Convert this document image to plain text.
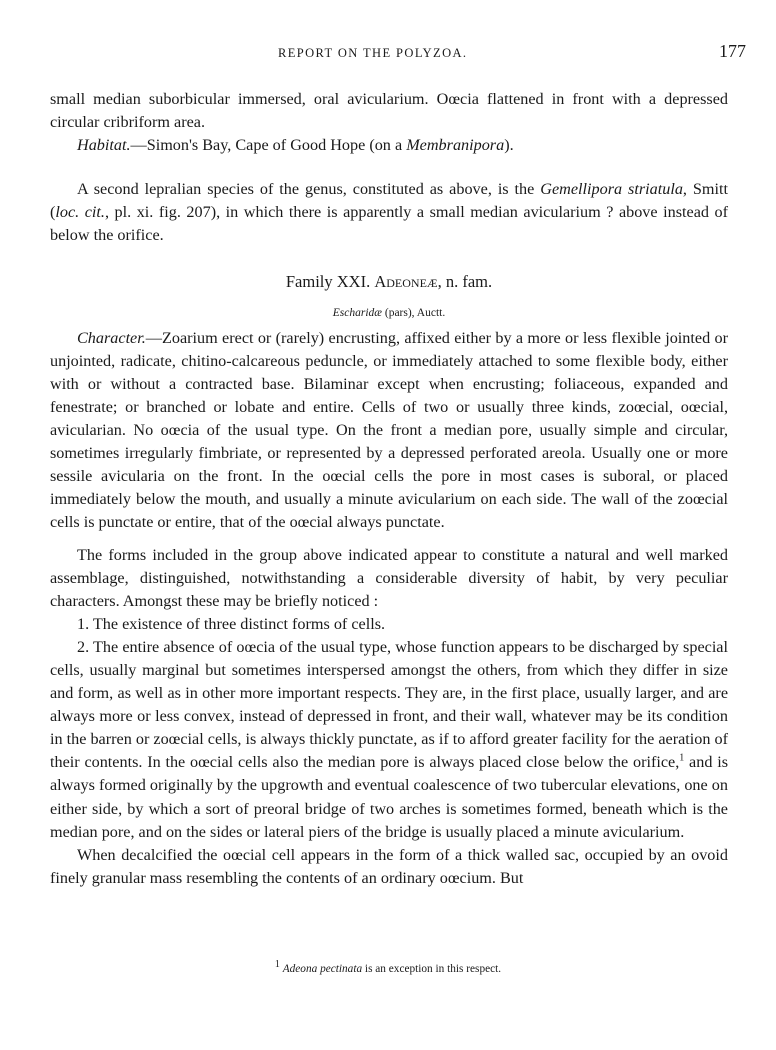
REPORT ON THE POLYZOA.	177

small median suborbicular immersed, oral avicularium. Oœcia flattened in front with a depressed circular cribriform area.

Habitat.—Simon's Bay, Cape of Good Hope (on a Membranipora).

A second lepralian species of the genus, constituted as above, is the Gemellipora striatula, Smitt (loc. cit., pl. xi. fig. 207), in which there is apparently a small median avicularium ? above instead of below the orifice.

Family XXI. Adeoneæ, n. fam.

Escharidæ (pars), Auctt.

Character.—Zoarium erect or (rarely) encrusting, affixed either by a more or less flexible jointed or unjointed, radicate, chitino-calcareous peduncle, or immediately attached to some flexible body, either with or without a contracted base. Bilaminar except when encrusting; foliaceous, expanded and fenestrate; or branched or lobate and entire. Cells of two or usually three kinds, zoœcial, oœcial, avicularian. No oœcia of the usual type. On the front a median pore, usually simple and circular, sometimes irregularly fimbriate, or represented by a depressed perforated areola. Usually one or more sessile avicularia on the front. In the oœcial cells the pore in most cases is suboral, or placed immediately below the mouth, and usually a minute avicularium on each side. The wall of the zoœcial cells is punctate or entire, that of the oœcial always punctate.

The forms included in the group above indicated appear to constitute a natural and well marked assemblage, distinguished, notwithstanding a considerable diversity of habit, by very peculiar characters. Amongst these may be briefly noticed :

1. The existence of three distinct forms of cells.

2. The entire absence of oœcia of the usual type, whose function appears to be discharged by special cells, usually marginal but sometimes interspersed amongst the others, from which they differ in size and form, as well as in other more important respects. They are, in the first place, usually larger, and are always more or less convex, instead of depressed in front, and their wall, whatever may be its condition in the barren or zoœcial cells, is always thickly punctate, as if to afford greater facility for the aeration of their contents. In the oœcial cells also the median pore is always placed close below the orifice,$^1$ and is always formed originally by the upgrowth and eventual coalescence of two tubercular elevations, one on either side, by which a sort of preoral bridge of two arches is sometimes formed, beneath which is the median pore, and on the sides or lateral piers of the bridge is usually placed a minute avicularium.

When decalcified the oœcial cell appears in the form of a thick walled sac, occupied by an ovoid finely granular mass resembling the contents of an ordinary oœcium. But

$^1$ Adeona pectinata is an exception in this respect.
